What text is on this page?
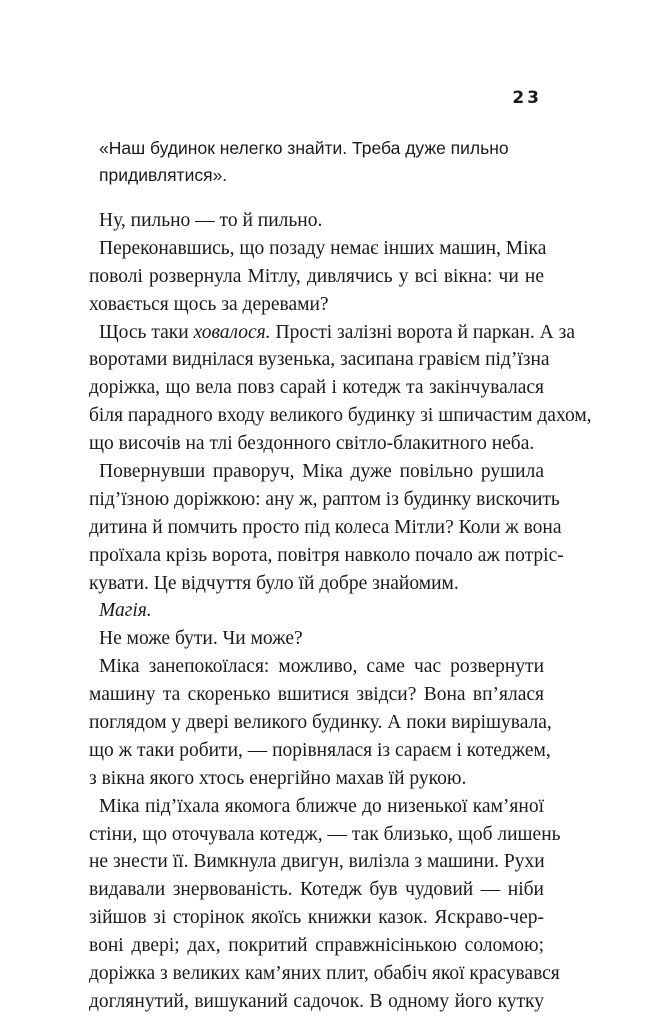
23
«Наш будинок нелегко знайти. Треба дуже пильно
придивлятися».
Ну, пильно — то й пильно.
Переконавшись, що позаду немає інших машин, Міка
поволі розвернула Мітлу, дивлячись у всі вікна: чи не
ховається щось за деревами?
Щось таки ховалося. Прості залізні ворота й паркан. А за
воротами виднілася вузенька, засипана гравієм під’їзна
доріжка, що вела повз сарай і котедж та закінчувалася
біля парадного входу великого будинку зі шпичастим дахом,
що височів на тлі бездонного світло-блакитного неба.
Повернувши праворуч, Міка дуже повільно рушила
під’їзною доріжкою: ану ж, раптом із будинку вискочить
дитина й помчить просто під колеса Мітли? Коли ж вона
проїхала крізь ворота, повітря навколо почало аж потріс-
кувати. Це відчуття було їй добре знайомим.
Магія.
Не може бути. Чи може?
Міка занепокоїлася: можливо, саме час розвернути
машину та скоренько вшитися звідси? Вона вп’ялася
поглядом у двері великого будинку. А поки вирішувала,
що ж таки робити, — порівнялася із сараєм і котеджем,
з вікна якого хтось енергійно махав їй рукою.
Міка під’їхала якомога ближче до низенької кам’яної
стіни, що оточувала котедж, — так близько, щоб лишень
не знести її. Вимкнула двигун, вилізла з машини. Рухи
видавали знервованість. Котедж був чудовий — ніби
зійшов зі сторінок якоїсь книжки казок. Яскраво-чер-
воні двері; дах, покритий справжнісінькою соломою;
доріжка з великих кам’яних плит, обабіч якої красувався
доглянутий, вишуканий садочок. В одному його кутку
